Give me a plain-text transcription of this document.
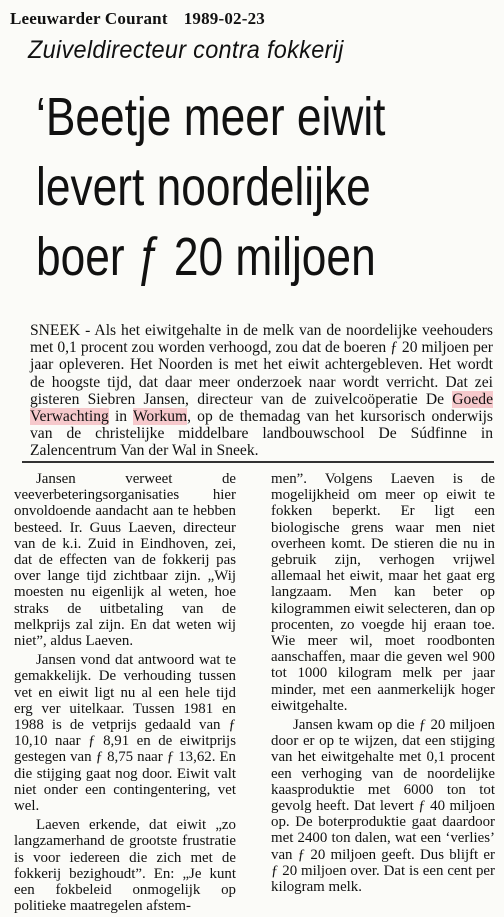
Leeuwarder Courant 1989-02-23
Zuiveldirecteur contra fokkerij
‘Beetje meer eiwit
levert noordelijke
boer ƒ 20 miljoen

SNEEK - Als het eiwitgehalte in de melk van de noordelijke veehouders met 0,1 procent zou worden verhoogd, zou dat de boeren ƒ 20 miljoen per jaar opleveren. Het Noorden is met het eiwit achtergebleven. Het wordt de hoogste tijd, dat daar meer onderzoek naar wordt verricht. Dat zei gisteren Siebren Jansen, directeur van de zuivelcoöperatie De Goede Verwachting in Workum, op de themadag van het kursorisch onderwijs van de christelijke middelbare landbouwschool De Súdfinne in Zalencentrum Van der Wal in Sneek.

Jansen verweet de veeverbeteringsorganisaties hier onvoldoende aandacht aan te hebben besteed. Ir. Guus Laeven, directeur van de k.i. Zuid in Eindhoven, zei, dat de effecten van de fokkerij pas over lange tijd zichtbaar zijn. „Wij moesten nu eigenlijk al weten, hoe straks de uitbetaling van de melkprijs zal zijn. En dat weten wij niet”, aldus Laeven.

Jansen vond dat antwoord wat te gemakkelijk. De verhouding tussen vet en eiwit ligt nu al een hele tijd erg ver uitelkaar. Tussen 1981 en 1988 is de vetprijs gedaald van ƒ 10,10 naar ƒ 8,91 en de eiwitprijs gestegen van ƒ 8,75 naar ƒ 13,62. En die stijging gaat nog door. Eiwit valt niet onder een contingentering, vet wel.

Laeven erkende, dat eiwit „zo langzamerhand de grootste frustratie is voor iedereen die zich met de fokkerij bezighoudt”. En: „Je kunt een fokbeleid onmogelijk op politieke maatregelen afstem-

men”. Volgens Laeven is de mogelijkheid om meer op eiwit te fokken beperkt. Er ligt een biologische grens waar men niet overheen komt. De stieren die nu in gebruik zijn, verhogen vrijwel allemaal het eiwit, maar het gaat erg langzaam. Men kan beter op kilogrammen eiwit selecteren, dan op procenten, zo voegde hij eraan toe. Wie meer wil, moet roodbonten aanschaffen, maar die geven wel 900 tot 1000 kilogram melk per jaar minder, met een aanmerkelijk hoger eiwitgehalte.

Jansen kwam op die ƒ 20 miljoen door er op te wijzen, dat een stijging van het eiwitgehalte met 0,1 procent een verhoging van de noordelijke kaasproduktie met 6000 ton tot gevolg heeft. Dat levert ƒ 40 miljoen op. De boterproduktie gaat daardoor met 2400 ton dalen, wat een ‘verlies’ van ƒ 20 miljoen geeft. Dus blijft er ƒ 20 miljoen over. Dat is een cent per kilogram melk.
